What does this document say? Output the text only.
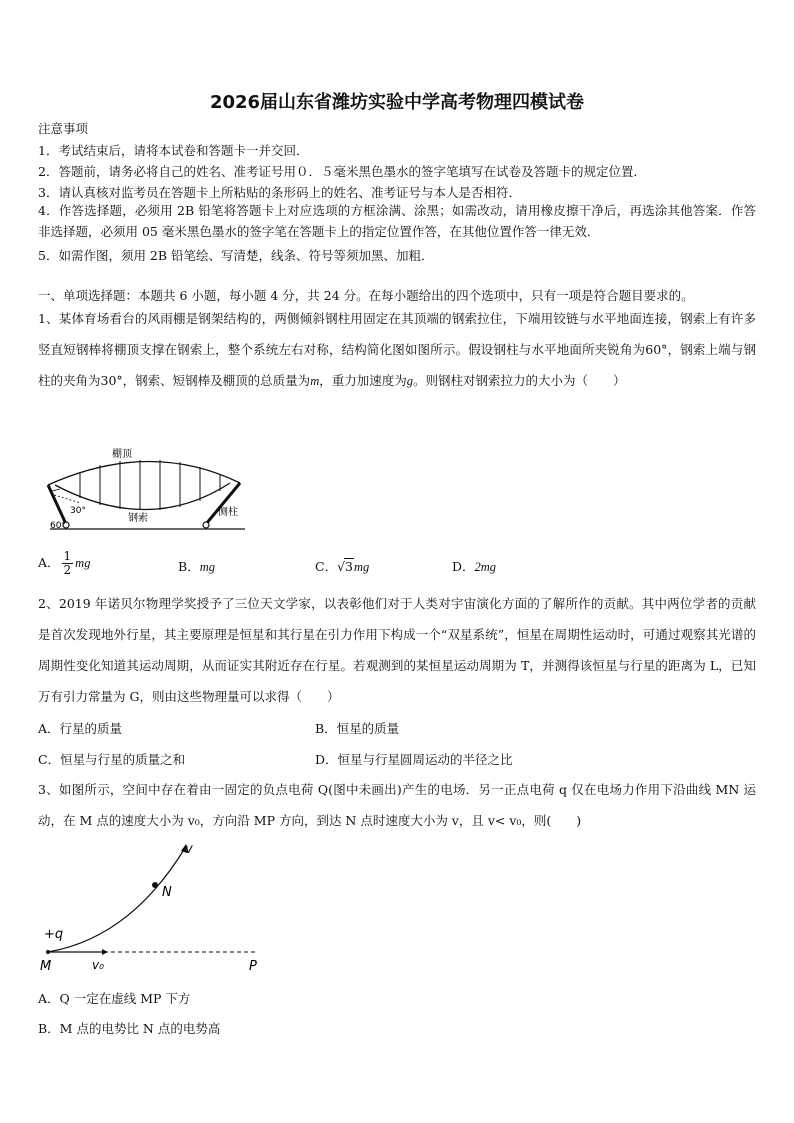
2026届山东省潍坊实验中学高考物理四模试卷
注意事项
1．考试结束后，请将本试卷和答题卡一并交回．
2．答题前，请务必将自己的姓名、准考证号用０．５毫米黑色墨水的签字笔填写在试卷及答题卡的规定位置．
3．请认真核对监考员在答题卡上所粘贴的条形码上的姓名、准考证号与本人是否相符．
4．作答选择题，必须用 2B 铅笔将答题卡上对应选项的方框涂满、涂黑；如需改动，请用橡皮擦干净后，再选涂其他答案．作答非选择题，必须用 05 毫米黑色墨水的签字笔在答题卡上的指定位置作答，在其他位置作答一律无效．
5．如需作图，须用 2B 铅笔绘、写清楚，线条、符号等须加黑、加粗．
一、单项选择题：本题共 6 小题，每小题 4 分，共 24 分。在每小题给出的四个选项中，只有一项是符合题目要求的。
1、某体育场看台的风雨棚是钢架结构的，两侧倾斜钢柱用固定在其顶端的钢索拉住，下端用铰链与水平地面连接，钢索上有许多竖直短钢棒将棚顶支撑在钢索上，整个系统左右对称，结构简化图如图所示。假设钢柱与水平地面所夹锐角为60°，钢索上端与钢柱的夹角为30°，钢索、短钢棒及棚顶的总质量为m，重力加速度为g。则钢柱对钢索拉力的大小为（　　）
棚顶
钢索
侧柱
30°
60°
A． $\frac{1}{2}$ mg	B．mg	C．√3mg	D．2mg
2、2019 年诺贝尔物理学奖授予了三位天文学家，以表彰他们对于人类对宇宙演化方面的了解所作的贡献。其中两位学者的贡献是首次发现地外行星，其主要原理是恒星和其行星在引力作用下构成一个“双星系统”，恒星在周期性运动时，可通过观察其光谱的周期性变化知道其运动周期，从而证实其附近存在行星。若观测到的某恒星运动周期为 T，并测得该恒星与行星的距离为 L，已知万有引力常量为 G，则由这些物理量可以求得（　　）
A．行星的质量	B．恒星的质量
C．恒星与行星的质量之和	D．恒星与行星圆周运动的半径之比
3、如图所示，空间中存在着由一固定的负点电荷 Q(图中未画出)产生的电场．另一正点电荷 q 仅在电场力作用下沿曲线 MN 运动，在 M 点的速度大小为 v₀，方向沿 MP 方向，到达 N 点时速度大小为 v，且 v< v₀，则(　　)
v
N
+q
M	v₀	P
A．Q 一定在虚线 MP 下方
B．M 点的电势比 N 点的电势高
